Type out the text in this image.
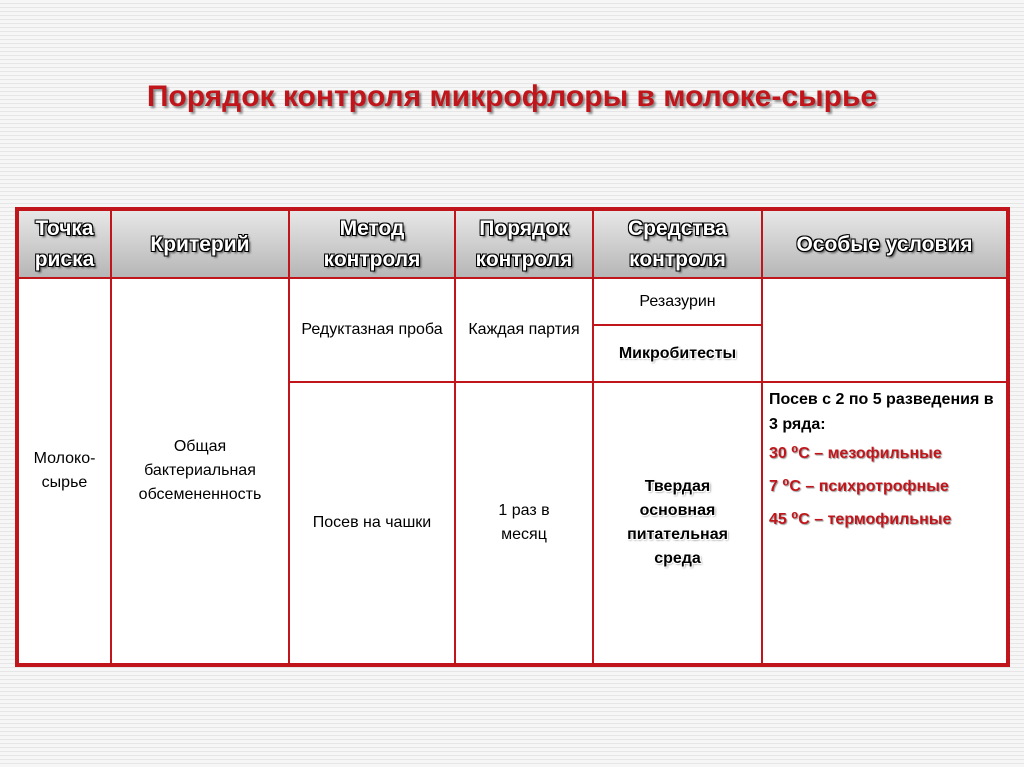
Порядок контроля микрофлоры в молоке-сырье
Точка риска	Критерий	Метод контроля	Порядок контроля	Средства контроля	Особые условия
Молоко-сырье	Общая бактериальная обсемененность	Редуктазная проба	Каждая партия	Резазурин	
				Микробитесты	
		Посев на чашки	1 раз в месяц	Твердая основная питательная среда	Посев с 2 по 5 разведения в 3 ряда:
30 ⁰С – мезофильные
7 ⁰С – психротрофные
45 ⁰С – термофильные
